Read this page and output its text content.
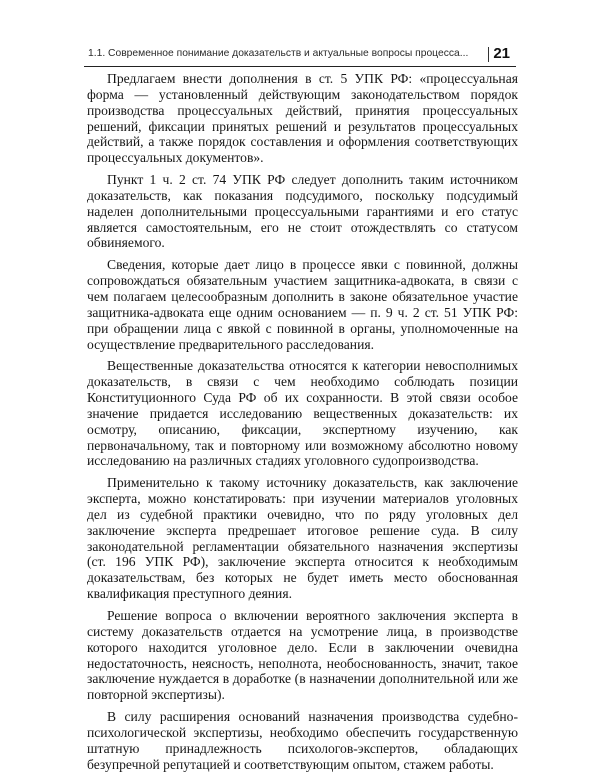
1.1. Современное понимание доказательств и актуальные вопросы процесса... 21

Предлагаем внести дополнения в ст. 5 УПК РФ: «процессуальная форма — установленный действующим законодательством порядок производства процессуальных действий, принятия процессуальных решений, фиксации принятых решений и результатов процессуальных действий, а также порядок составления и оформления соответствующих процессуальных документов».

Пункт 1 ч. 2 ст. 74 УПК РФ следует дополнить таким источником доказательств, как показания подсудимого, поскольку подсудимый наделен дополнительными процессуальными гарантиями и его статус является самостоятельным, его не стоит отождествлять со статусом обвиняемого.

Сведения, которые дает лицо в процессе явки с повинной, должны сопровождаться обязательным участием защитника-адвоката, в связи с чем полагаем целесообразным дополнить в законе обязательное участие защитника-адвоката еще одним основанием — п. 9 ч. 2 ст. 51 УПК РФ: при обращении лица с явкой с повинной в органы, уполномоченные на осуществление предварительного расследования.

Вещественные доказательства относятся к категории невосполнимых доказательств, в связи с чем необходимо соблюдать позиции Конституционного Суда РФ об их сохранности. В этой связи особое значение придается исследованию вещественных доказательств: их осмотру, описанию, фиксации, экспертному изучению, как первоначальному, так и повторному или возможному абсолютно новому исследованию на различных стадиях уголовного судопроизводства.

Применительно к такому источнику доказательств, как заключение эксперта, можно констатировать: при изучении материалов уголовных дел из судебной практики очевидно, что по ряду уголовных дел заключение эксперта предрешает итоговое решение суда. В силу законодательной регламентации обязательного назначения экспертизы (ст. 196 УПК РФ), заключение эксперта относится к необходимым доказательствам, без которых не будет иметь место обоснованная квалификация преступного деяния.

Решение вопроса о включении вероятного заключения эксперта в систему доказательств отдается на усмотрение лица, в производстве которого находится уголовное дело. Если в заключении очевидна недостаточность, неясность, неполнота, необоснованность, значит, такое заключение нуждается в доработке (в назначении дополнительной или же повторной экспертизы).

В силу расширения оснований назначения производства судебно-психологической экспертизы, необходимо обеспечить государственную штатную принадлежность психологов-экспертов, обладающих безупречной репутацией и соответствующим опытом, стажем работы.
